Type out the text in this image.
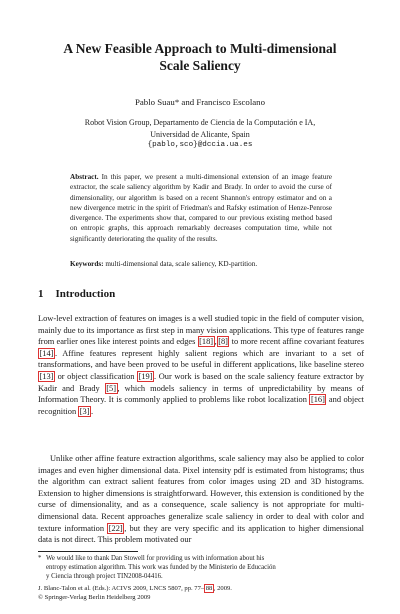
A New Feasible Approach to Multi-dimensional
Scale Saliency
Pablo Suau* and Francisco Escolano
Robot Vision Group, Departamento de Ciencia de la Computación e IA,
Universidad de Alicante, Spain
{pablo,sco}@dccia.ua.es
Abstract. In this paper, we present a multi-dimensional extension of an image feature extractor, the scale saliency algorithm by Kadir and Brady. In order to avoid the curse of dimensionality, our algorithm is based on a recent Shannon's entropy estimator and on a new divergence metric in the spirit of Friedman's and Rafsky estimation of Henze-Penrose divergence. The experiments show that, compared to our previous existing method based on entropic graphs, this approach remarkably decreases computation time, while not significantly deteriorating the quality of the results.
Keywords: multi-dimensional data, scale saliency, KD-partition.
1 Introduction
Low-level extraction of features on images is a well studied topic in the field of computer vision, mainly due to its importance as first step in many vision applications. This type of features range from earlier ones like interest points and edges [18] , [8] to more recent affine covariant features [14] . Affine features represent highly salient regions which are invariant to a set of transformations, and have been proved to be useful in different applications, like baseline stereo [13] or object classification [19] . Our work is based on the scale saliency feature extractor by Kadir and Brady [5] , which models saliency in terms of unpredictability by means of Information Theory. It is commonly applied to problems like robot localization [16] and object recognition [3] .
Unlike other affine feature extraction algorithms, scale saliency may also be applied to color images and even higher dimensional data. Pixel intensity pdf is estimated from histograms; thus the algorithm can extract salient features from color images using 2D and 3D histograms. Extension to higher dimensions is straightforward. However, this extension is conditioned by the curse of dimensionality, and as a consequence, scale saliency is not appropriate for multi-dimensional data. Recent approaches generalize scale saliency in order to deal with color and texture information [22] , but they are very specific and its application to higher dimensional data is not direct. This problem motivated our
* We would like to thank Dan Stowell for providing us with information about his
entropy estimation algorithm. This work was funded by the Ministerio de Educación
y Ciencia through project TIN2008-04416.
J. Blanc-Talon et al. (Eds.): ACIVS 2009, LNCS 5807, pp. 77– 88 , 2009.
© Springer-Verlag Berlin Heidelberg 2009
